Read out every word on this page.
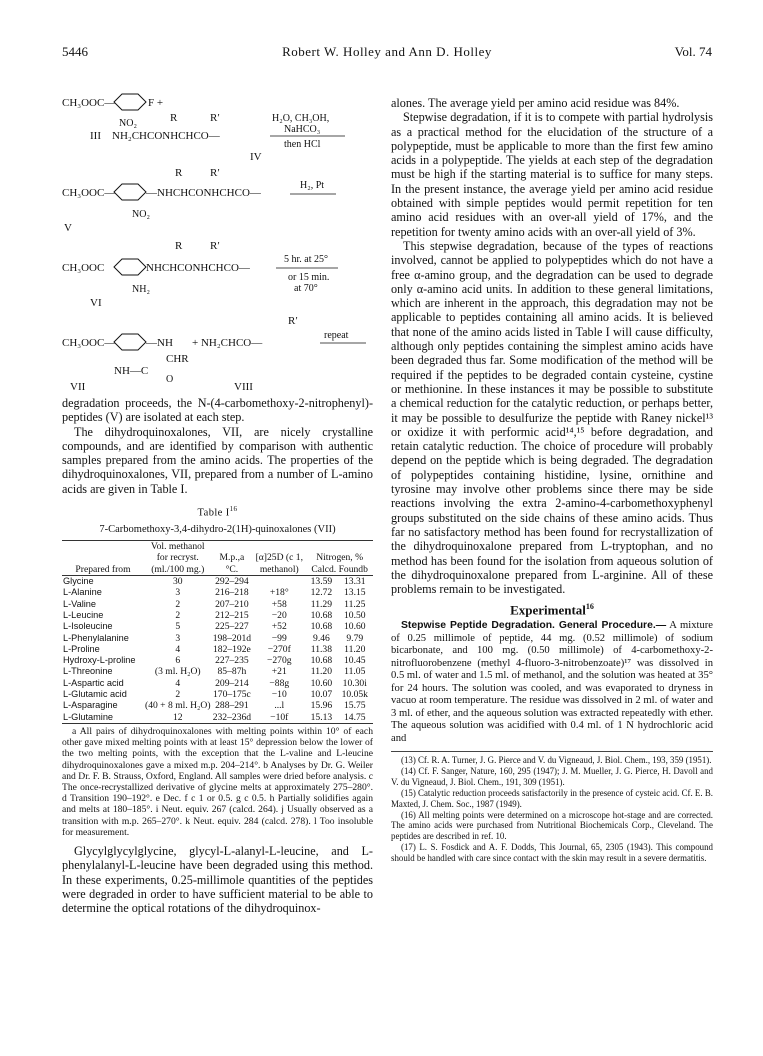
5446	Robert W. Holley and Ann D. Holley	Vol. 74
CH₃OOC—	F +
R	R′
NO₂
III NH₂CHCONHCHCO—
H₂O, CH₃OH,
NaHCO₃
then HCl
IV
R	R′
CH₃OOC—	—NHCHCONHCHCO—
H₂, Pt
NO₂
V
R	R′
CH₃OOC	NHCHCONHCHCO—
5 hr. at 25°
or 15 min.
at 70°
NH₂
VI
R′
CH₃OOC—	—NH + NH₂CHCO—
repeat
CHR
NH—C
O
VII	VIII

degradation proceeds, the N-(4-carbomethoxy-2-nitrophenyl)-peptides (V) are isolated at each step.

The dihydroquinoxalones, VII, are nicely crystalline compounds, and are identified by comparison with authentic samples prepared from the amino acids. The properties of the dihydroquinoxalones, VII, prepared from a number of L-amino acids are given in Table I.

Table $I^{16}$
7-Carbomethoxy-3,4-dihydro-2(1H)-quinoxalones (VII)
Prepared from	Vol. methanol for recryst. (ml./100 mg.)	M.p.,a °C.	[α]25D (c 1, methanol)	Nitrogen, % Calcd. Foundb	
Glycine	30	292–294		13.59	13.31
L-Alanine	3	216–218	+18°	12.72	13.15
L-Valine	2	207–210	+58	11.29	11.25
L-Leucine	2	212–215	−20	10.68	10.50
L-Isoleucine	5	225–227	+52	10.68	10.60
L-Phenylalanine	3	198–201d	−99	9.46	9.79
L-Proline	4	182–192e	−270f	11.38	11.20
Hydroxy-L-proline	6	227–235	−270g	10.68	10.45
L-Threonine	(3 ml. H₂O)	85–87h	+21	11.20	11.05
L-Aspartic acid	4	209–214	−88g	10.60	10.30i
L-Glutamic acid	2	170–175c	−10	10.07	10.05k
L-Asparagine	(40 + 8 ml. H₂O)	288–291	...l	15.96	15.75
L-Glutamine	12	232–236d	−10f	15.13	14.75

a All pairs of dihydroquinoxalones with melting points within 10° of each other gave mixed melting points with at least 15° depression below the lower of the two melting points, with the exception that the L-valine and L-leucine dihydroquinoxalones gave a mixed m.p. 204–214°. b Analyses by Dr. G. Weiler and Dr. F. B. Strauss, Oxford, England. All samples were dried before analysis. c The once-recrystallized derivative of glycine melts at approximately 275–280°. d Transition 190–192°. e Dec. f c 1 or 0.5. g c 0.5. h Partially solidifies again and melts at 180–185°. i Neut. equiv. 267 (calcd. 264). j Usually observed as a transition with m.p. 265–270°. k Neut. equiv. 284 (calcd. 278). l Too insoluble for measurement.

Glycylglycylglycine, glycyl-L-alanyl-L-leucine, and L-phenylalanyl-L-leucine have been degraded using this method. In these experiments, 0.25-millimole quantities of the peptides were degraded in order to have sufficient material to be able to determine the optical rotations of the dihydroquinox-

alones. The average yield per amino acid residue was 84%.

Stepwise degradation, if it is to compete with partial hydrolysis as a practical method for the elucidation of the structure of a polypeptide, must be applicable to more than the first few amino acids in a polypeptide. The yields at each step of the degradation must be high if the starting material is to suffice for many steps. In the present instance, the average yield per amino acid residue obtained with simple peptides would permit repetition for ten amino acid residues with an over-all yield of 17%, and the repetition for twenty amino acids with an over-all yield of 3%.

This stepwise degradation, because of the types of reactions involved, cannot be applied to polypeptides which do not have a free α-amino group, and the degradation can be used to degrade only α-amino acid units. In addition to these general limitations, which are inherent in the approach, this degradation may not be applicable to peptides containing all amino acids. It is believed that none of the amino acids listed in Table I will cause difficulty, although only peptides containing the simplest amino acids have been degraded thus far. Some modification of the method will be required if the peptides to be degraded contain cysteine, cystine or methionine. In these instances it may be possible to substitute a chemical reduction for the catalytic reduction, or perhaps better, it may be possible to desulfurize the peptide with Raney nickel¹³ or oxidize it with performic acid¹⁴,¹⁵ before degradation, and retain catalytic reduction. The choice of procedure will probably depend on the peptide which is being degraded. The degradation of polypeptides containing histidine, lysine, ornithine and tyrosine may involve other problems since there may be side reactions involving the extra 2-amino-4-carbomethoxyphenyl groups substituted on the side chains of these amino acids. Thus far no satisfactory method has been found for recrystallization of the dihydroquinoxalone prepared from L-tryptophan, and no method has been found for the isolation from aqueous solution of the dihydroquinoxalone prepared from L-arginine. All of these problems remain to be investigated.

Experimental$^{16}$

Stepwise Peptide Degradation. General Procedure.— A mixture of 0.25 millimole of peptide, 44 mg. (0.52 millimole) of sodium bicarbonate, and 100 mg. (0.50 millimole) of 4-carbomethoxy-2-nitrofluorobenzene (methyl 4-fluoro-3-nitrobenzoate)¹⁷ was dissolved in 0.5 ml. of water and 1.5 ml. of methanol, and the solution was heated at 35° for 24 hours. The solution was cooled, and was evaporated to dryness in vacuo at room temperature. The residue was dissolved in 2 ml. of water and 3 ml. of ether, and the aqueous solution was extracted repeatedly with ether. The aqueous solution was acidified with 0.4 ml. of 1 N hydrochloric acid and

(13) Cf. R. A. Turner, J. G. Pierce and V. du Vigneaud, J. Biol. Chem., 193, 359 (1951).

(14) Cf. F. Sanger, Nature, 160, 295 (1947); J. M. Mueller, J. G. Pierce, H. Davoll and V. du Vigneaud, J. Biol. Chem., 191, 309 (1951).

(15) Catalytic reduction proceeds satisfactorily in the presence of cysteic acid. Cf. E. B. Maxted, J. Chem. Soc., 1987 (1949).

(16) All melting points were determined on a microscope hot-stage and are corrected. The amino acids were purchased from Nutritional Biochemicals Corp., Cleveland. The peptides are described in ref. 10.

(17) L. S. Fosdick and A. F. Dodds, This Journal, 65, 2305 (1943). This compound should be handled with care since contact with the skin may result in a severe dermatitis.
